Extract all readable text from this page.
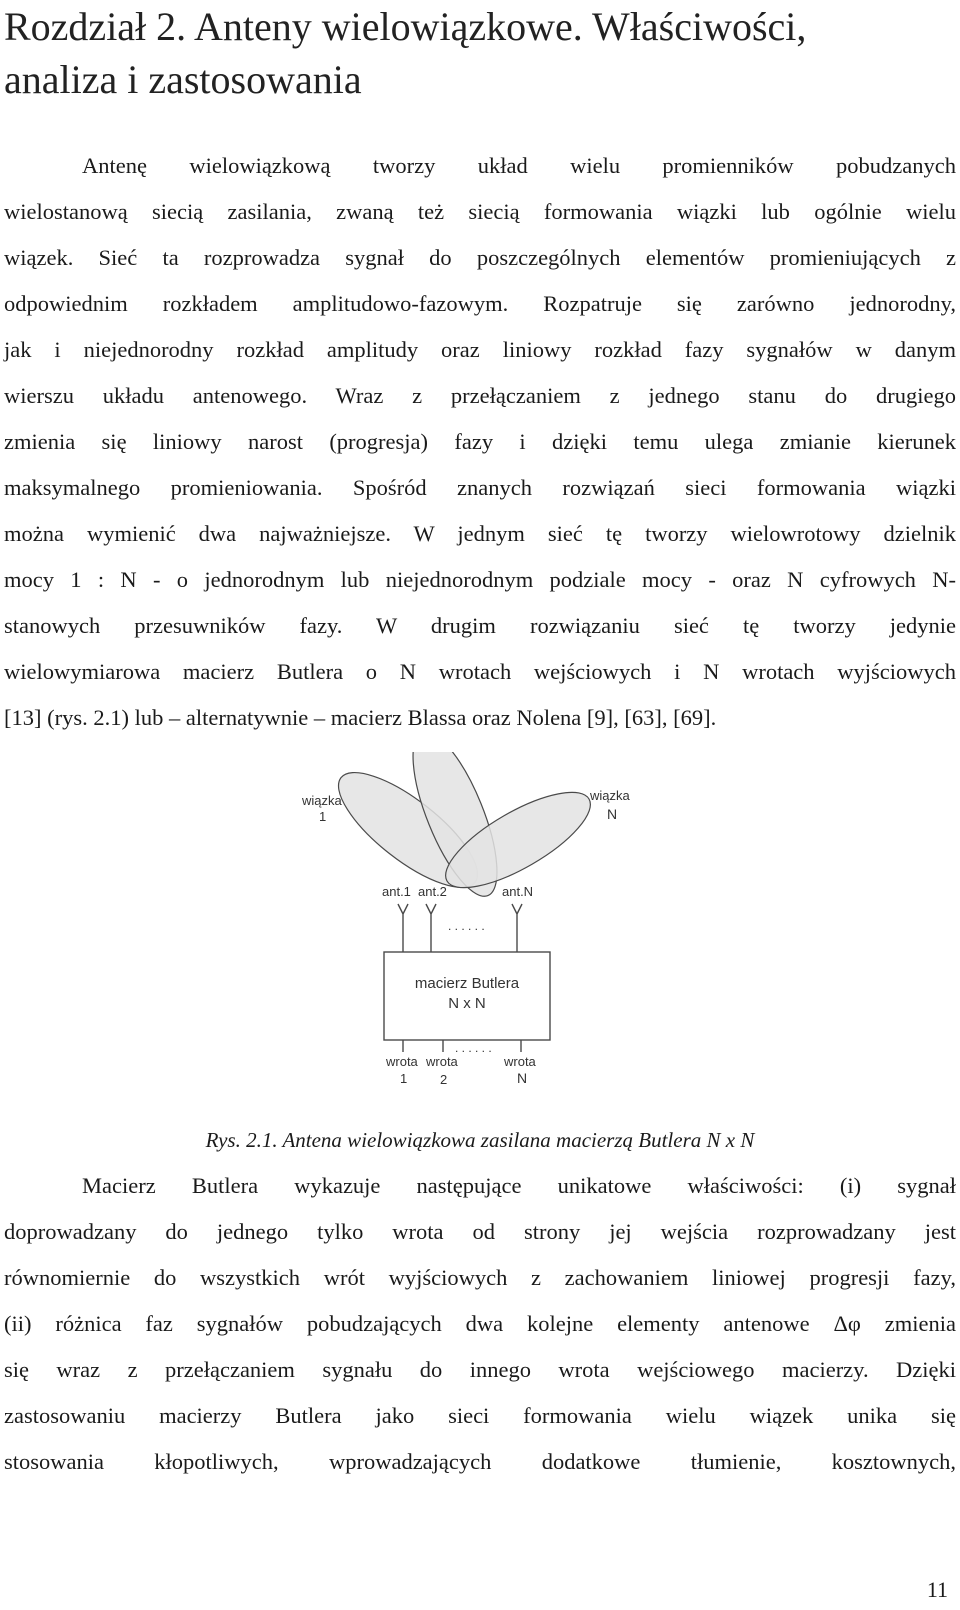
Rozdział 2. Anteny wielowiązkowe. Właściwości,
analiza i zastosowania

Antenę wielowiązkową tworzy układ wielu promienników pobudzanych
wielostanową siecią zasilania, zwaną też siecią formowania wiązki lub ogólnie wielu
wiązek. Sieć ta rozprowadza sygnał do poszczególnych elementów promieniujących z
odpowiednim rozkładem amplitudowo-fazowym. Rozpatruje się zarówno jednorodny,
jak i niejednorodny rozkład amplitudy oraz liniowy rozkład fazy sygnałów w danym
wierszu układu antenowego. Wraz z przełączaniem z jednego stanu do drugiego
zmienia się liniowy narost (progresja) fazy i dzięki temu ulega zmianie kierunek
maksymalnego promieniowania. Spośród znanych rozwiązań sieci formowania wiązki
można wymienić dwa najważniejsze. W jednym sieć tę tworzy wielowrotowy dzielnik
mocy 1 : N - o jednorodnym lub niejednorodnym podziale mocy - oraz N cyfrowych N-
stanowych przesuwników fazy. W drugim rozwiązaniu sieć tę tworzy jedynie
wielowymiarowa macierz Butlera o N wrotach wejściowych i N wrotach wyjściowych
[13] (rys. 2.1) lub – alternatywnie – macierz Blassa oraz Nolena [9], [63], [69].

wiązka
1
wiązka
N
ant.1 ant.2	ant.N
. . . . . .
macierz Butlera
N x N
. . . . . .
wrota
1
wrota
2
wrota
N
Rys. 2.1. Antena wielowiązkowa zasilana macierzą Butlera N x N

Macierz Butlera wykazuje następujące unikatowe właściwości: (i) sygnał
doprowadzany do jednego tylko wrota od strony jej wejścia rozprowadzany jest
równomiernie do wszystkich wrót wyjściowych z zachowaniem liniowej progresji fazy,
(ii) różnica faz sygnałów pobudzających dwa kolejne elementy antenowe Δφ zmienia
się wraz z przełączaniem sygnału do innego wrota wejściowego macierzy. Dzięki
zastosowaniu macierzy Butlera jako sieci formowania wielu wiązek unika się
stosowania kłopotliwych, wprowadzających dodatkowe tłumienie, kosztownych,

11
